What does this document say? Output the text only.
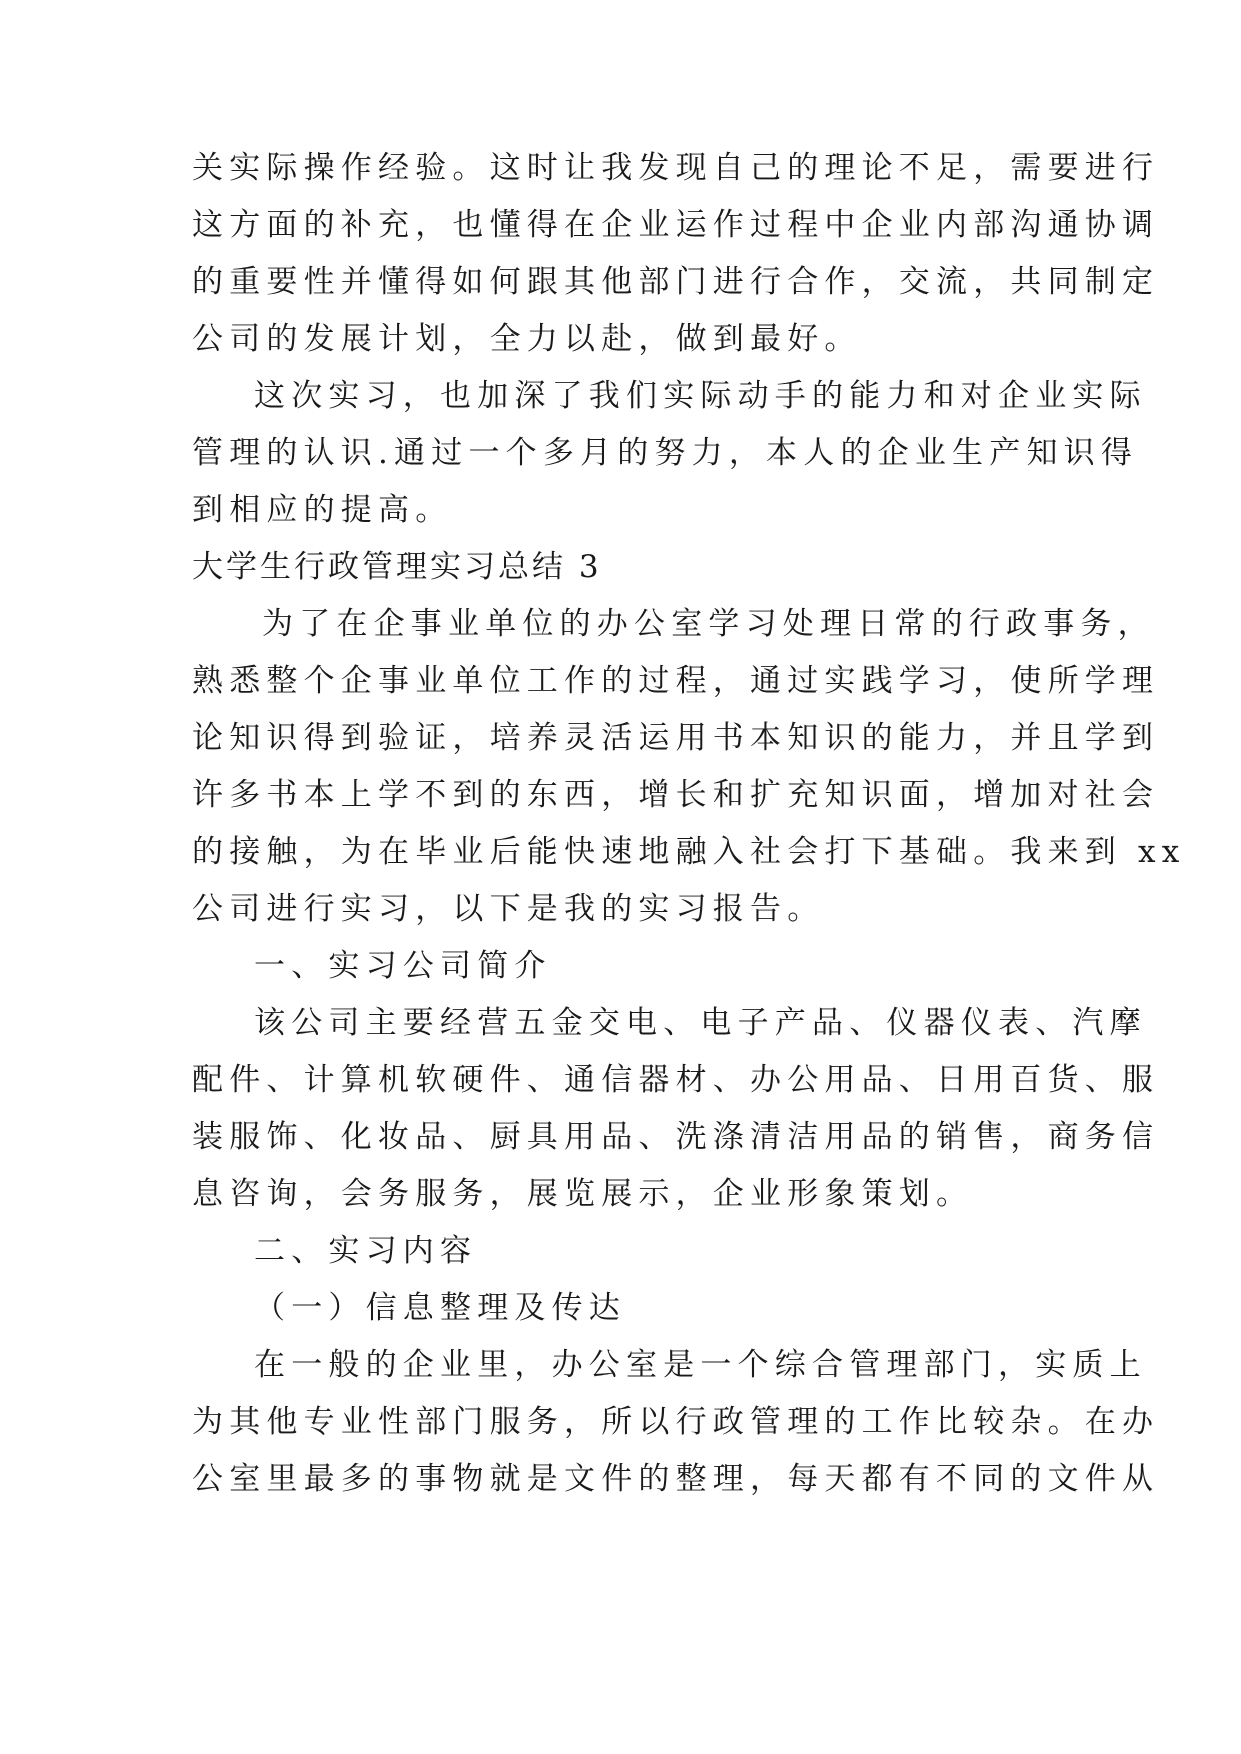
关实际操作经验。这时让我发现自己的理论不足，需要进行
这方面的补充，也懂得在企业运作过程中企业内部沟通协调
的重要性并懂得如何跟其他部门进行合作，交流，共同制定
公司的发展计划，全力以赴，做到最好。
这次实习，也加深了我们实际动手的能力和对企业实际
管理的认识.通过一个多月的努力，本人的企业生产知识得
到相应的提高。
大学生行政管理实习总结 3
为了在企事业单位的办公室学习处理日常的行政事务，
熟悉整个企事业单位工作的过程，通过实践学习，使所学理
论知识得到验证，培养灵活运用书本知识的能力，并且学到
许多书本上学不到的东西，增长和扩充知识面，增加对社会
的接触，为在毕业后能快速地融入社会打下基础。我来到 xx
公司进行实习，以下是我的实习报告。
一、实习公司简介
该公司主要经营五金交电、电子产品、仪器仪表、汽摩
配件、计算机软硬件、通信器材、办公用品、日用百货、服
装服饰、化妆品、厨具用品、洗涤清洁用品的销售，商务信
息咨询，会务服务，展览展示，企业形象策划。
二、实习内容
（一）信息整理及传达
在一般的企业里，办公室是一个综合管理部门，实质上
为其他专业性部门服务，所以行政管理的工作比较杂。在办
公室里最多的事物就是文件的整理，每天都有不同的文件从
